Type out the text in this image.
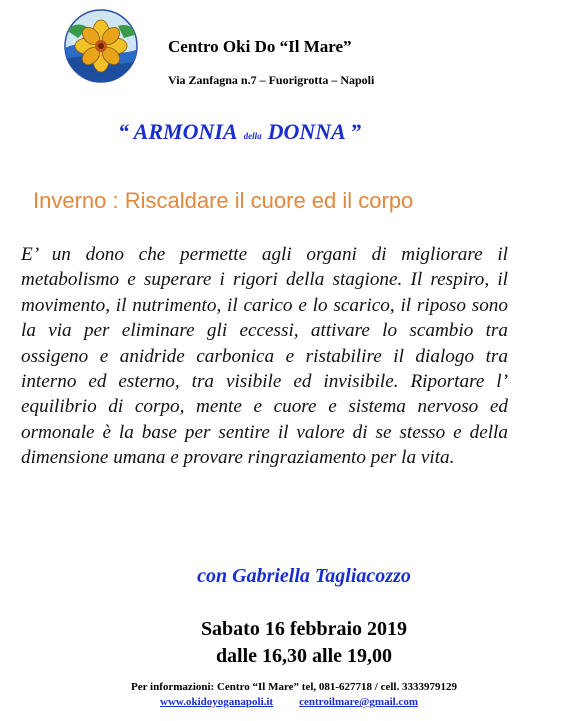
Centro Oki Do “Il Mare”
Via Zanfagna n.7 – Fuorigrotta – Napoli
“ ARMONIA della DONNA ”
Inverno : Riscaldare il cuore ed il corpo
E’ un dono che permette agli organi di migliorare il metabolismo e superare i rigori della stagione. Il respiro, il movimento, il nutrimento, il carico e lo scarico, il riposo sono la via per eliminare gli eccessi, attivare lo scambio tra ossigeno e anidride carbonica e ristabilire il dialogo tra interno ed esterno, tra visibile ed invisibile. Riportare l’ equilibrio di corpo, mente e cuore e sistema nervoso ed ormonale è la base per sentire il valore di se stesso e della dimensione umana e provare ringraziamento per la vita.
con Gabriella Tagliacozzo
Sabato 16 febbraio 2019
dalle 16,30 alle 19,00
Per informazioni: Centro “Il Mare” tel, 081-627718 / cell. 3333979129
www.okidoyoganapoli.it centroilmare@gmail.com
